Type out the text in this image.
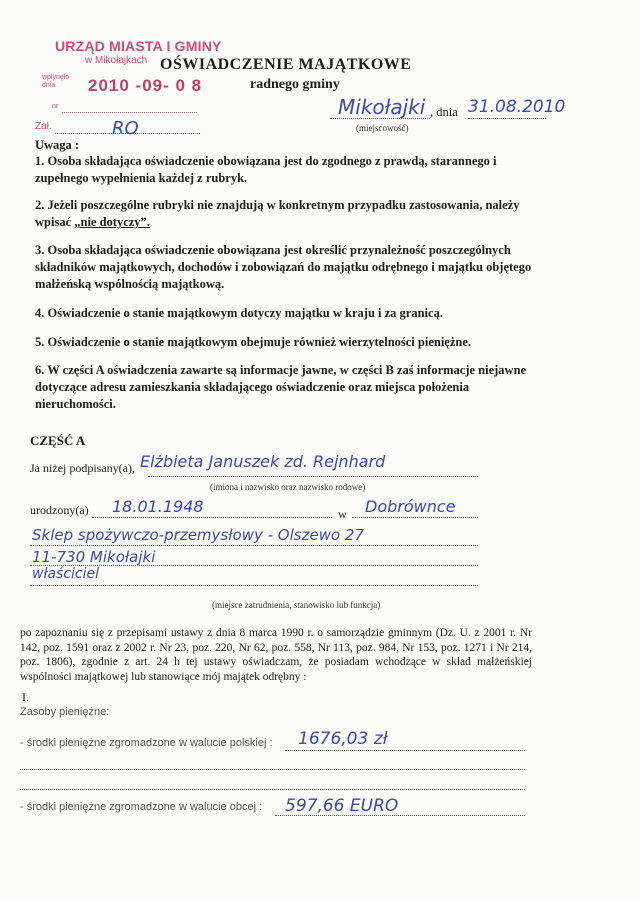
URZĄD MIASTA I GMINY
w Mikołajkach
wpłynęło dnia	2010 -09- 0 8
nr
Zał.	RO
OŚWIADCZENIE MAJĄTKOWE
radnego gminy
Mikołajki , dnia 31.08.2010
(miejscowość)
Uwaga :
1. Osoba składająca oświadczenie obowiązana jest do zgodnego z prawdą, starannego i zupełnego wypełnienia każdej z rubryk.
2. Jeżeli poszczególne rubryki nie znajdują w konkretnym przypadku zastosowania, należy wpisać „nie dotyczy”.
3. Osoba składająca oświadczenie obowiązana jest określić przynależność poszczególnych składników majątkowych, dochodów i zobowiązań do majątku odrębnego i majątku objętego małżeńską wspólnością majątkową.
4. Oświadczenie o stanie majątkowym dotyczy majątku w kraju i za granicą.
5. Oświadczenie o stanie majątkowym obejmuje również wierzytelności pieniężne.
6. W części A oświadczenia zawarte są informacje jawne, w części B zaś informacje niejawne dotyczące adresu zamieszkania składającego oświadczenie oraz miejsca położenia nieruchomości.
CZĘŚĆ A
Ja niżej podpisany(a), Elżbieta Januszek zd. Rejnhard
(imiona i nazwisko oraz nazwisko rodowe)
urodzony(a) 18.01.1948	w Dobrównce
Sklep spożywczo-przemysłowy - Olszewo 27
11-730 Mikołajki
właściciel
(miejsce zatrudnienia, stanowisko lub funkcja)
po zapoznaniu się z przepisami ustawy z dnia 8 marca 1990 r. o samorządzie gminnym (Dz. U. z 2001 r. Nr 142, poz. 1591 oraz z 2002 r. Nr 23, poz. 220, Nr 62, poz. 558, Nr 113, poz. 984, Nr 153, poz. 1271 i Nr 214, poz. 1806), zgodnie z art. 24 h tej ustawy oświadczam, że posiadam wchodzące w skład małżeńskiej wspólności majątkowej lub stanowiące mój majątek odrębny :
I.
Zasoby pieniężne:
- środki pieniężne zgromadzone w walucie polskiej : 1676,03 zł
- środki pieniężne zgromadzone w walucie obcej : 597,66 EURO
